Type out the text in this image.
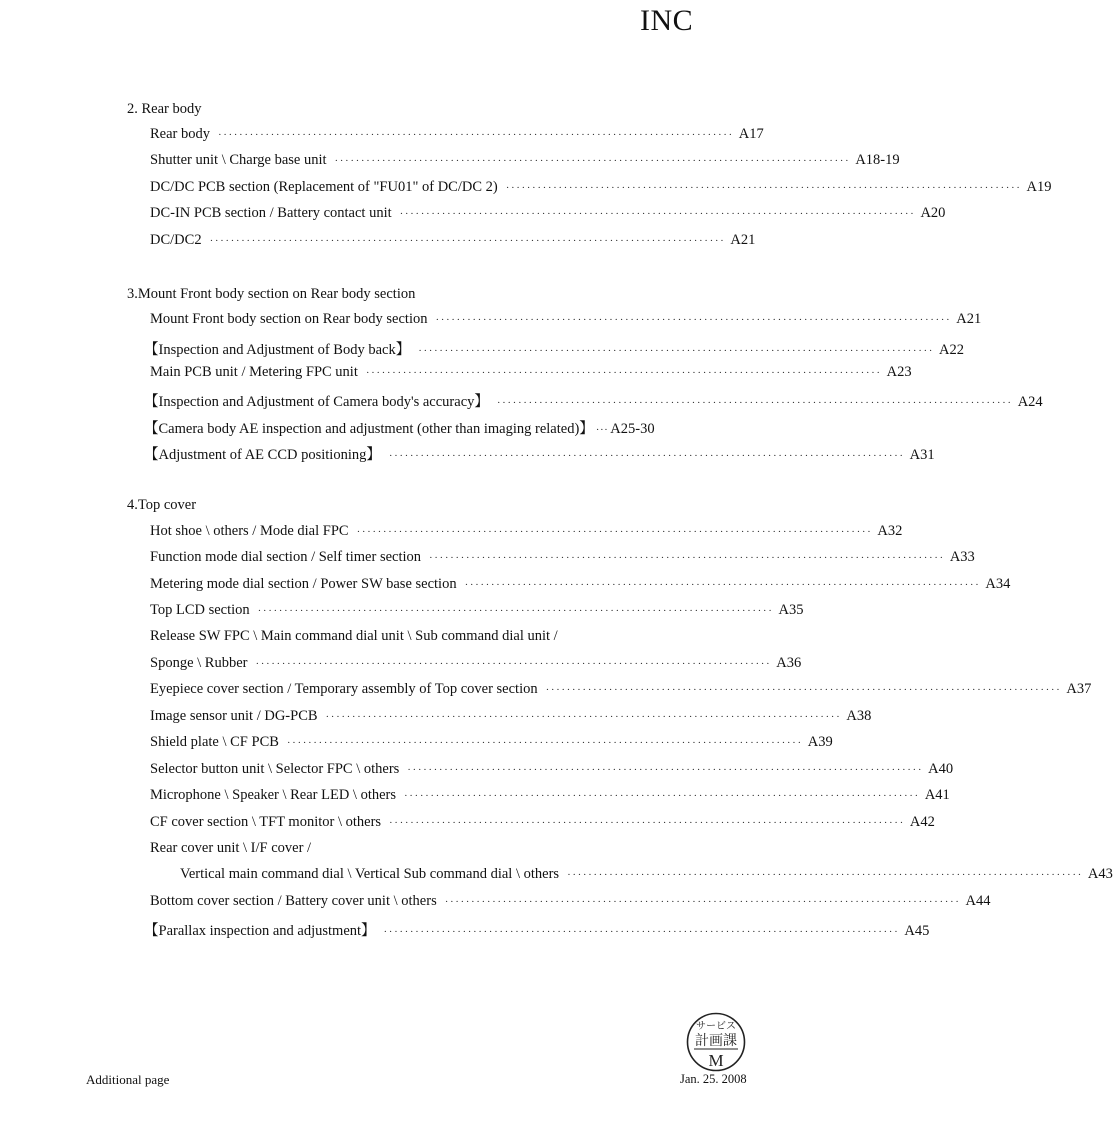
INC
2. Rear body
Rear body ·································································································· A17
Shutter unit \ Charge base unit ·································································································· A18-19
DC/DC PCB section (Replacement of "FU01" of DC/DC 2) ·································································································· A19
DC-IN PCB section / Battery contact unit ·································································································· A20
DC/DC2 ·································································································· A21
3.Mount Front body section on Rear body section
Mount Front body section on Rear body section ·································································································· A21
【Inspection and Adjustment of Body back】 ·································································································· A22
Main PCB unit / Metering FPC unit ·································································································· A23
【Inspection and Adjustment of Camera body's accuracy】 ·································································································· A24
【Camera body AE inspection and adjustment (other than imaging related)】 ··· A25-30
【Adjustment of AE CCD positioning】 ·································································································· A31
4.Top cover
Hot shoe \ others / Mode dial FPC ·································································································· A32
Function mode dial section / Self timer section ·································································································· A33
Metering mode dial section / Power SW base section ·································································································· A34
Top LCD section ·································································································· A35
Release SW FPC \ Main command dial unit \ Sub command dial unit /
Sponge \ Rubber ·································································································· A36
Eyepiece cover section / Temporary assembly of Top cover section ·································································································· A37
Image sensor unit / DG-PCB ·································································································· A38
Shield plate \ CF PCB ·································································································· A39
Selector button unit \ Selector FPC \ others ·································································································· A40
Microphone \ Speaker \ Rear LED \ others ·································································································· A41
CF cover section \ TFT monitor \ others ·································································································· A42
Rear cover unit \ I/F cover /
Vertical main command dial \ Vertical Sub command dial \ others ·································································································· A43
Bottom cover section / Battery cover unit \ others ·································································································· A44
【Parallax inspection and adjustment】 ·································································································· A45
サービス
計画課
M
Additional page	Jan. 25. 2008
